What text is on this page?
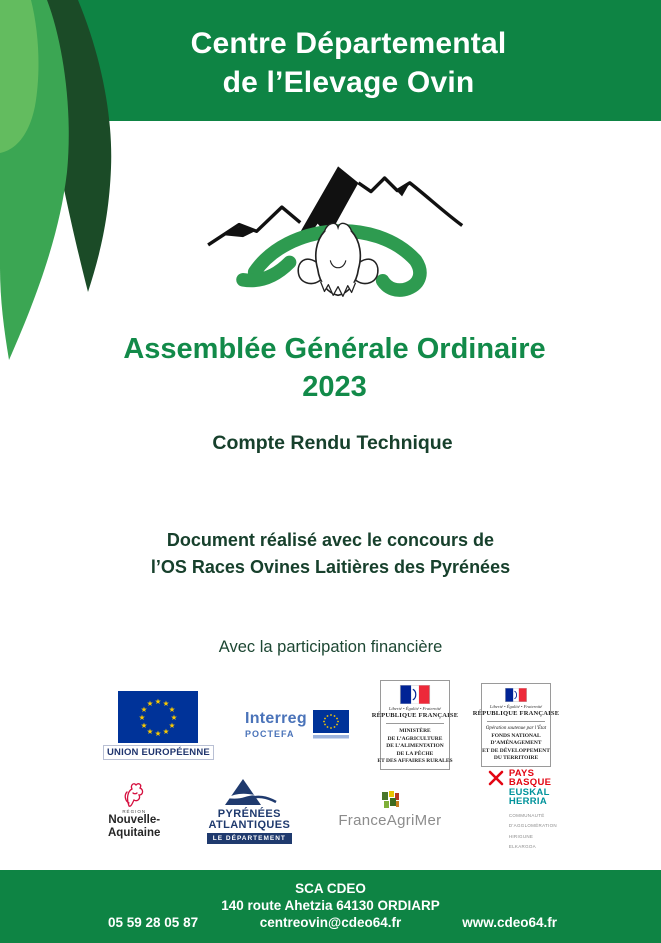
Centre Départemental
de l’Elevage Ovin
Assemblée Générale Ordinaire
2023
Compte Rendu Technique
Document réalisé avec le concours de
l’OS Races Ovines Laitières des Pyrénées
Avec la participation financière
★ ★
★
★
★
★
★
★
★
★
★
★
UNION EUROPÉENNE
Interreg
POCTEFA
Liberté • Égalité • Fraternité
RÉPUBLIQUE FRANÇAISE
MINISTÈRE
DE L’AGRICULTURE
DE L’ALIMENTATION
DE LA PÊCHE
ET DES AFFAIRES RURALES
Liberté • Égalité • Fraternité
RÉPUBLIQUE FRANÇAISE
Opération soutenue par l’État
FONDS NATIONAL
D’AMÉNAGEMENT
ET DE DÉVELOPPEMENT
DU TERRITOIRE
RÉGION
Nouvelle-
Aquitaine
PYRÉNÉES
ATLANTIQUES
LE DÉPARTEMENT
FranceAgriMer
PAYS
BASQUE
EUSKAL
HERRIA
COMMUNAUTÉ
D’AGGLOMÉRATION
HIRIGUNE
ELKARGOA
SCA CDEO
140 route Ahetzia 64130 ORDIARP
05 59 28 05 87	centreovin@cdeo64.fr	www.cdeo64.fr
